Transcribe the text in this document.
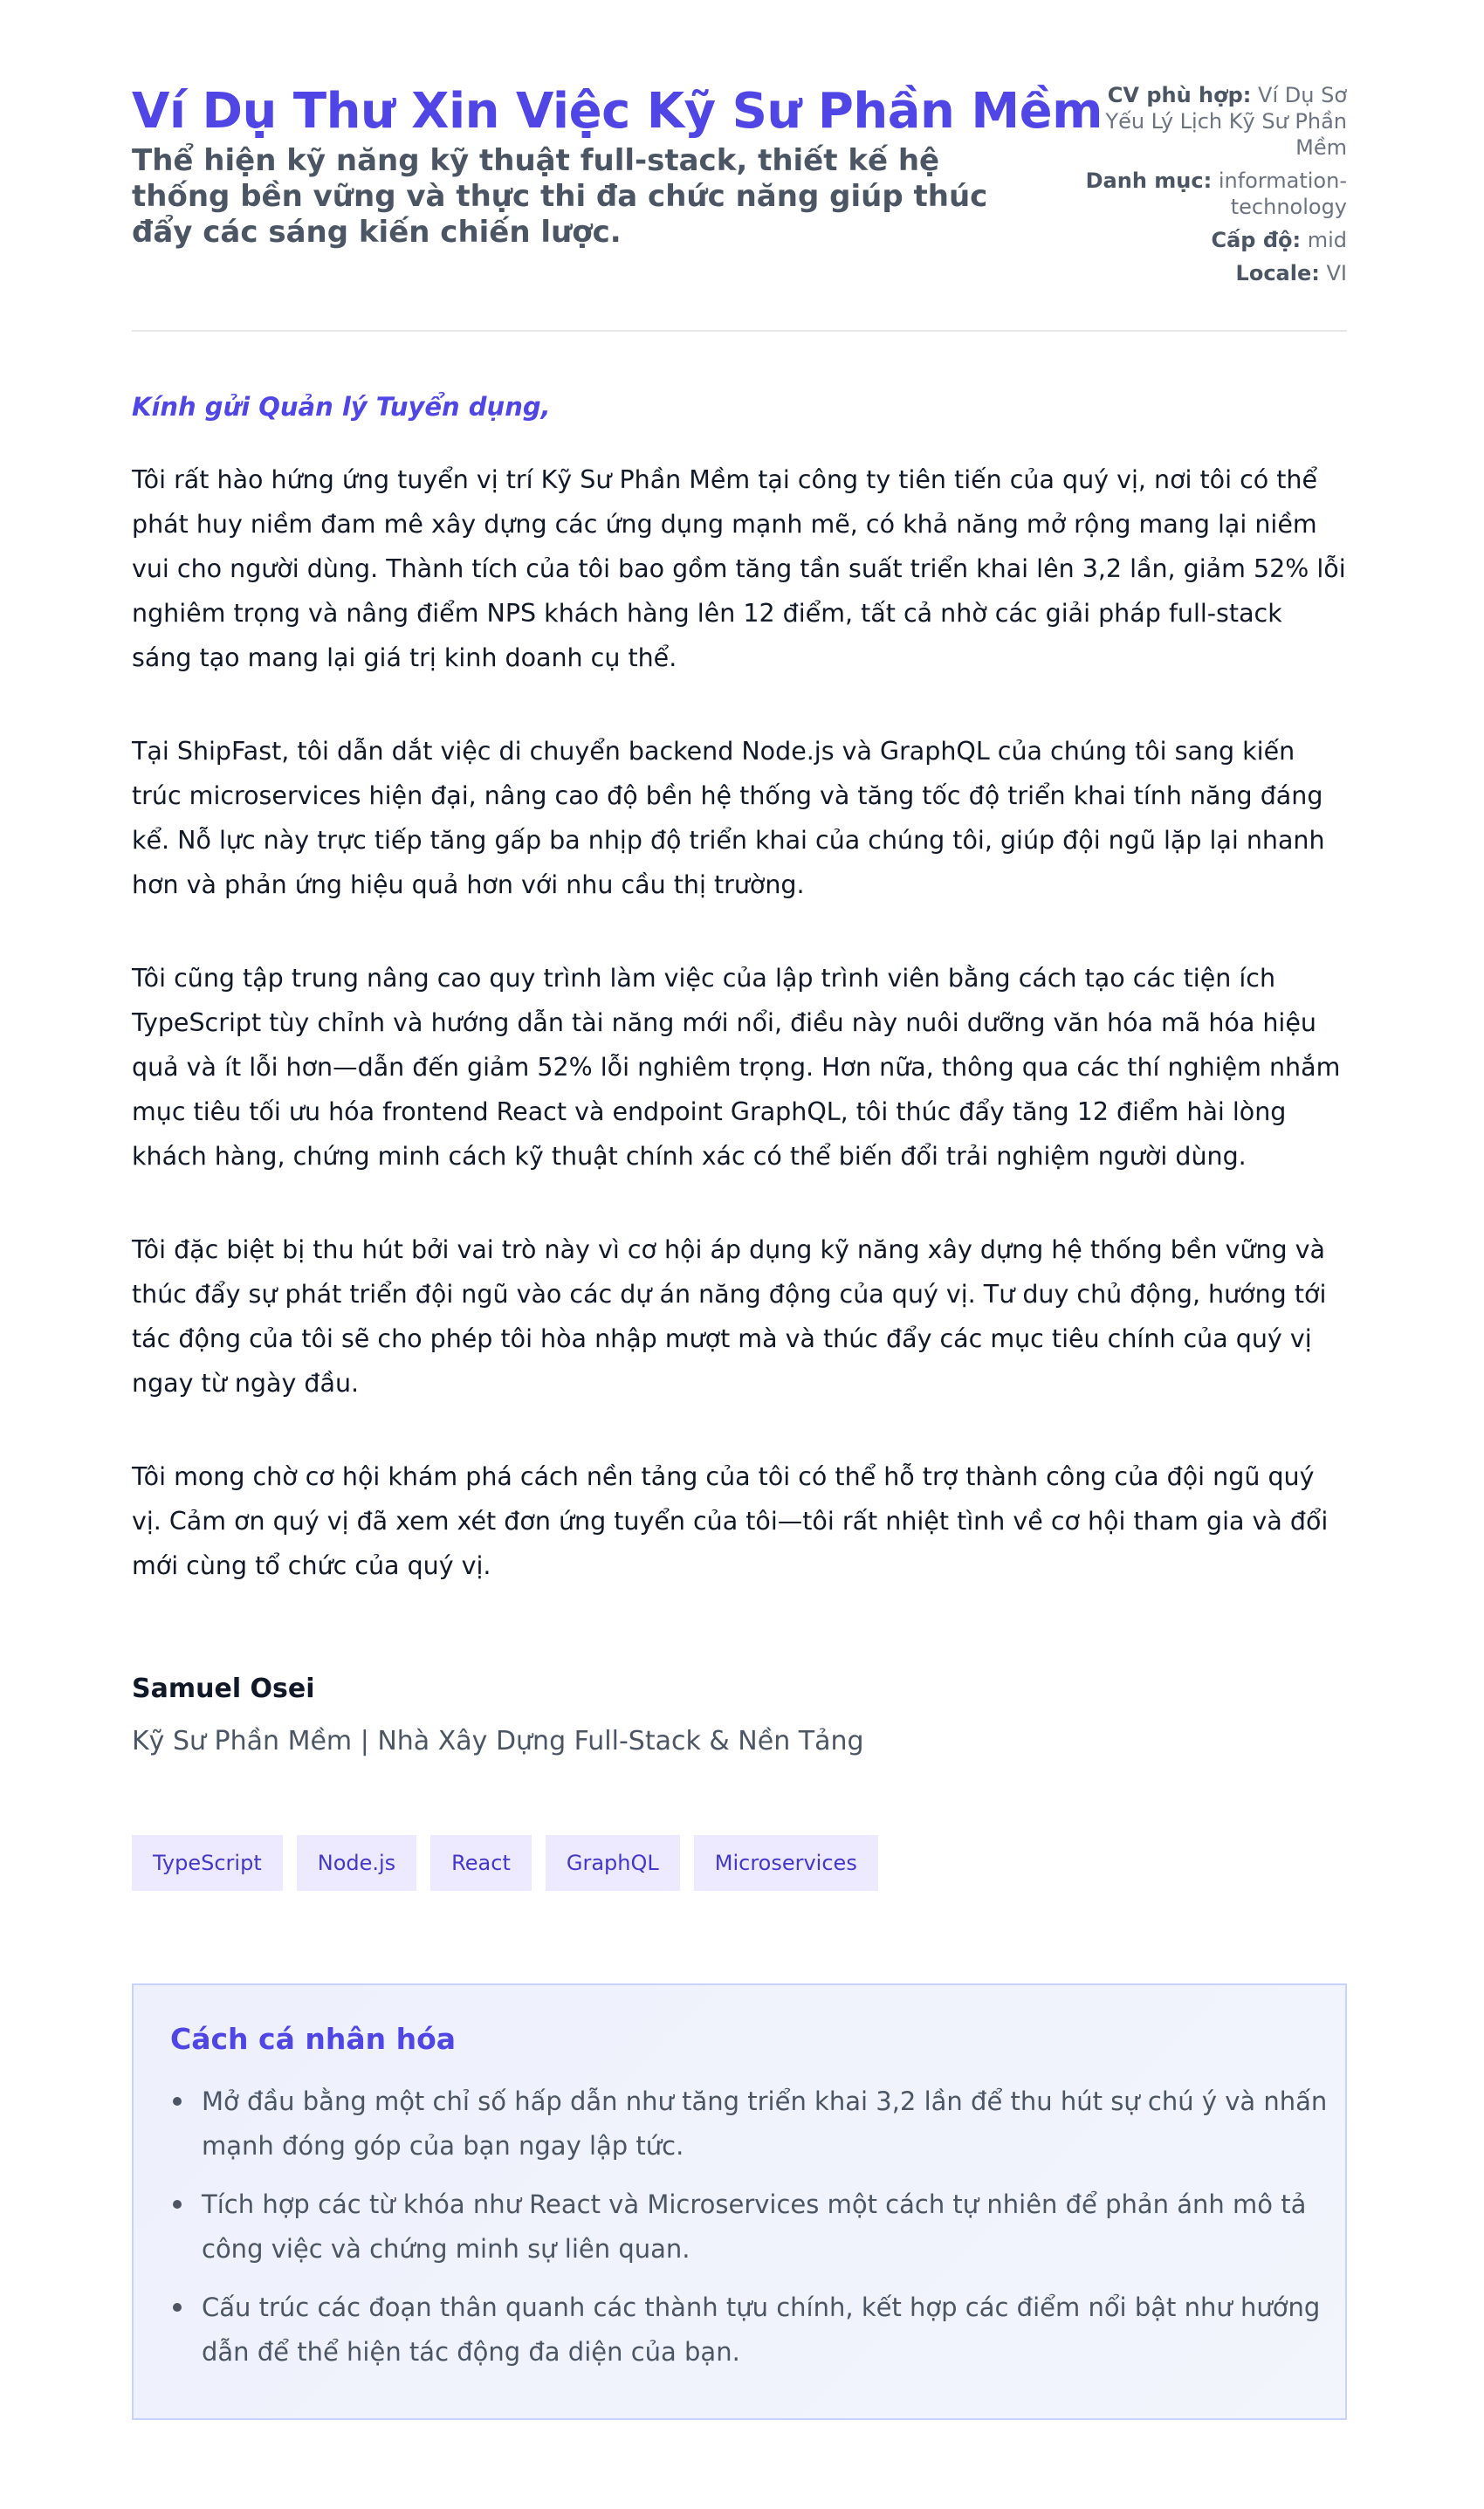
Ví Dụ Thư Xin Việc Kỹ Sư Phần Mềm

Thể hiện kỹ năng kỹ thuật full-stack, thiết kế hệ thống bền vững và thực thi đa chức năng giúp thúc đẩy các sáng kiến chiến lược.

CV phù hợp: Ví Dụ Sơ Yếu Lý Lịch Kỹ Sư Phần Mềm
Danh mục: information-technology
Cấp độ: mid
Locale: VI

Kính gửi Quản lý Tuyển dụng,

Tôi rất hào hứng ứng tuyển vị trí Kỹ Sư Phần Mềm tại công ty tiên tiến của quý vị, nơi tôi có thể phát huy niềm đam mê xây dựng các ứng dụng mạnh mẽ, có khả năng mở rộng mang lại niềm vui cho người dùng. Thành tích của tôi bao gồm tăng tần suất triển khai lên 3,2 lần, giảm 52% lỗi nghiêm trọng và nâng điểm NPS khách hàng lên 12 điểm, tất cả nhờ các giải pháp full-stack sáng tạo mang lại giá trị kinh doanh cụ thể.

Tại ShipFast, tôi dẫn dắt việc di chuyển backend Node.js và GraphQL của chúng tôi sang kiến trúc microservices hiện đại, nâng cao độ bền hệ thống và tăng tốc độ triển khai tính năng đáng kể. Nỗ lực này trực tiếp tăng gấp ba nhịp độ triển khai của chúng tôi, giúp đội ngũ lặp lại nhanh hơn và phản ứng hiệu quả hơn với nhu cầu thị trường.

Tôi cũng tập trung nâng cao quy trình làm việc của lập trình viên bằng cách tạo các tiện ích TypeScript tùy chỉnh và hướng dẫn tài năng mới nổi, điều này nuôi dưỡng văn hóa mã hóa hiệu quả và ít lỗi hơn—dẫn đến giảm 52% lỗi nghiêm trọng. Hơn nữa, thông qua các thí nghiệm nhắm mục tiêu tối ưu hóa frontend React và endpoint GraphQL, tôi thúc đẩy tăng 12 điểm hài lòng khách hàng, chứng minh cách kỹ thuật chính xác có thể biến đổi trải nghiệm người dùng.

Tôi đặc biệt bị thu hút bởi vai trò này vì cơ hội áp dụng kỹ năng xây dựng hệ thống bền vững và thúc đẩy sự phát triển đội ngũ vào các dự án năng động của quý vị. Tư duy chủ động, hướng tới tác động của tôi sẽ cho phép tôi hòa nhập mượt mà và thúc đẩy các mục tiêu chính của quý vị ngay từ ngày đầu.

Tôi mong chờ cơ hội khám phá cách nền tảng của tôi có thể hỗ trợ thành công của đội ngũ quý vị. Cảm ơn quý vị đã xem xét đơn ứng tuyển của tôi—tôi rất nhiệt tình về cơ hội tham gia và đổi mới cùng tổ chức của quý vị.

Samuel Osei

Kỹ Sư Phần Mềm | Nhà Xây Dựng Full-Stack & Nền Tảng

TypeScript	Node.js	React	GraphQL	Microservices
Cách cá nhân hóa
Mở đầu bằng một chỉ số hấp dẫn như tăng triển khai 3,2 lần để thu hút sự chú ý và nhấn mạnh đóng góp của bạn ngay lập tức.
Tích hợp các từ khóa như React và Microservices một cách tự nhiên để phản ánh mô tả công việc và chứng minh sự liên quan.
Cấu trúc các đoạn thân quanh các thành tựu chính, kết hợp các điểm nổi bật như hướng dẫn để thể hiện tác động đa diện của bạn.
